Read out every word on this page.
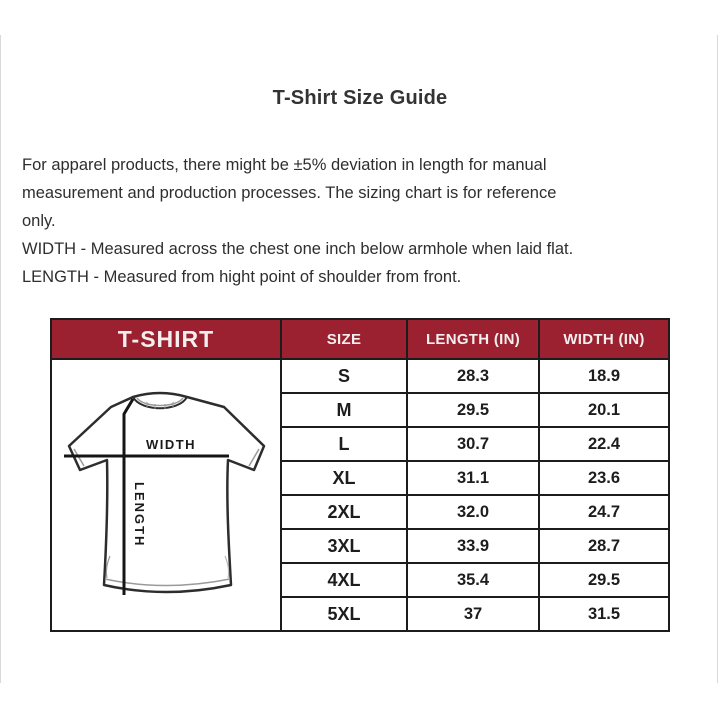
T-Shirt Size Guide
For apparel products, there might be ±5% deviation in length for manual
measurement and production processes. The sizing chart is for reference
only.
WIDTH - Measured across the chest one inch below armhole when laid flat.
LENGTH - Measured from hight point of shoulder from front.
T-SHIRT	SIZE	LENGTH (IN)	WIDTH (IN)

WIDTH
LENGTH	S	28.3	18.9
	M	29.5	20.1
	L	30.7	22.4
	XL	31.1	23.6
	2XL	32.0	24.7
	3XL	33.9	28.7
	4XL	35.4	29.5
	5XL	37	31.5
